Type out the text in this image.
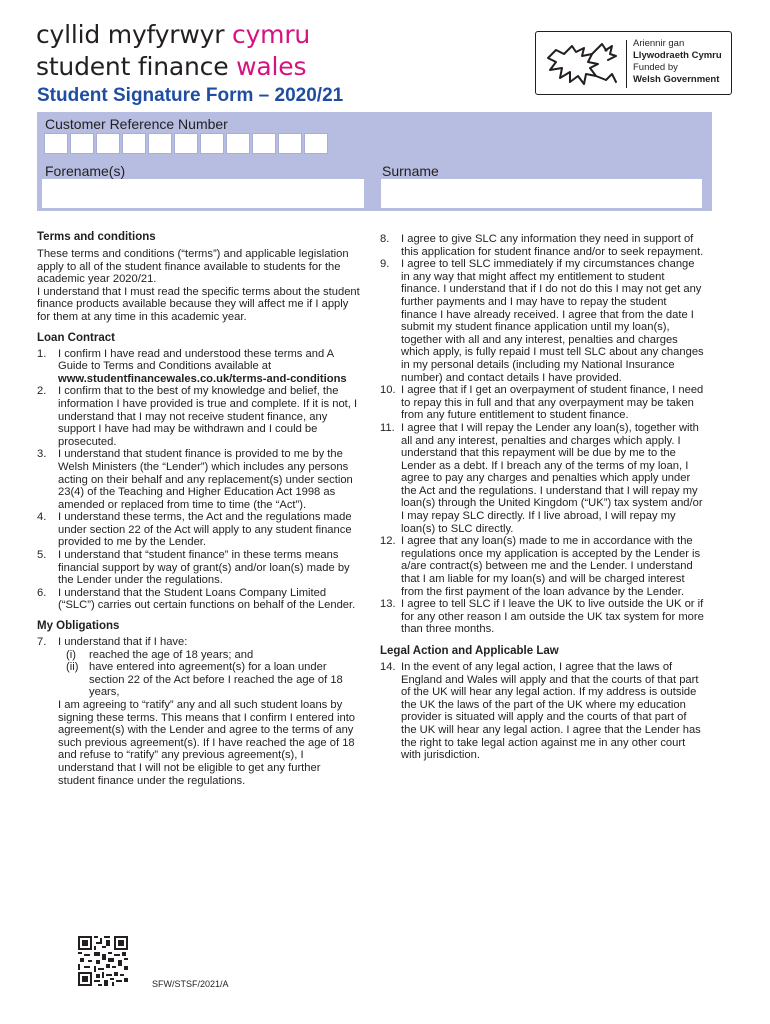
cyllid myfyrwyr cymru
student finance wales
Ariennir gan
Llywodraeth Cymru
Funded by
Welsh Government
Student Signature Form – 2020/21
Customer Reference Number
Forename(s)	Surname
Terms and conditions

These terms and conditions (“terms”) and applicable legislation apply to all of the student finance available to students for the academic year 2020/21.

I understand that I must read the specific terms about the student finance products available because they will affect me if I apply for them at any time in this academic year.

Loan Contract
1. I confirm I have read and understood these terms and A Guide to Terms and Conditions available at www.studentfinancewales.co.uk/terms-and-conditions
2. I confirm that to the best of my knowledge and belief, the information I have provided is true and complete. If it is not, I understand that I may not receive student finance, any support I have had may be withdrawn and I could be prosecuted.
3. I understand that student finance is provided to me by the Welsh Ministers (the “Lender”) which includes any persons acting on their behalf and any replacement(s) under section 23(4) of the Teaching and Higher Education Act 1998 as amended or replaced from time to time (the “Act”).
4. I understand these terms, the Act and the regulations made under section 22 of the Act will apply to any student finance provided to me by the Lender.
5. I understand that “student finance” in these terms means financial support by way of grant(s) and/or loan(s) made by the Lender under the regulations.
6. I understand that the Student Loans Company Limited (“SLC”) carries out certain functions on behalf of the Lender.
My Obligations
7. I understand that if I have:
(i) reached the age of 18 years; and
(ii) have entered into agreement(s) for a loan under section 22 of the Act before I reached the age of 18 years,

I am agreeing to “ratify” any and all such student loans by signing these terms. This means that I confirm I entered into agreement(s) with the Lender and agree to the terms of any such previous agreement(s). If I have reached the age of 18 and refuse to “ratify” any previous agreement(s), I understand that I will not be eligible to get any further student finance under the regulations.

8. I agree to give SLC any information they need in support of this application for student finance and/or to seek repayment.
9. I agree to tell SLC immediately if my circumstances change in any way that might affect my entitlement to student finance. I understand that if I do not do this I may not get any further payments and I may have to repay the student finance I have already received. I agree that from the date I submit my student finance application until my loan(s), together with all and any interest, penalties and charges which apply, is fully repaid I must tell SLC about any changes in my personal details (including my National Insurance number) and contact details I have provided.
10. I agree that if I get an overpayment of student finance, I need to repay this in full and that any overpayment may be taken from any future entitlement to student finance.
11. I agree that I will repay the Lender any loan(s), together with all and any interest, penalties and charges which apply. I understand that this repayment will be due by me to the Lender as a debt. If I breach any of the terms of my loan, I agree to pay any charges and penalties which apply under the Act and the regulations. I understand that I will repay my loan(s) through the United Kingdom (“UK”) tax system and/or I may repay SLC directly. If I live abroad, I will repay my loan(s) to SLC directly.
12. I agree that any loan(s) made to me in accordance with the regulations once my application is accepted by the Lender is a/are contract(s) between me and the Lender. I understand that I am liable for my loan(s) and will be charged interest from the first payment of the loan advance by the Lender.
13. I agree to tell SLC if I leave the UK to live outside the UK or if for any other reason I am outside the UK tax system for more than three months.
Legal Action and Applicable Law
14. In the event of any legal action, I agree that the laws of England and Wales will apply and that the courts of that part of the UK will hear any legal action. If my address is outside the UK the laws of the part of the UK where my education provider is situated will apply and the courts of that part of the UK will hear any legal action. I agree that the Lender has the right to take legal action against me in any other court with jurisdiction.
SFW/STSF/2021/A
